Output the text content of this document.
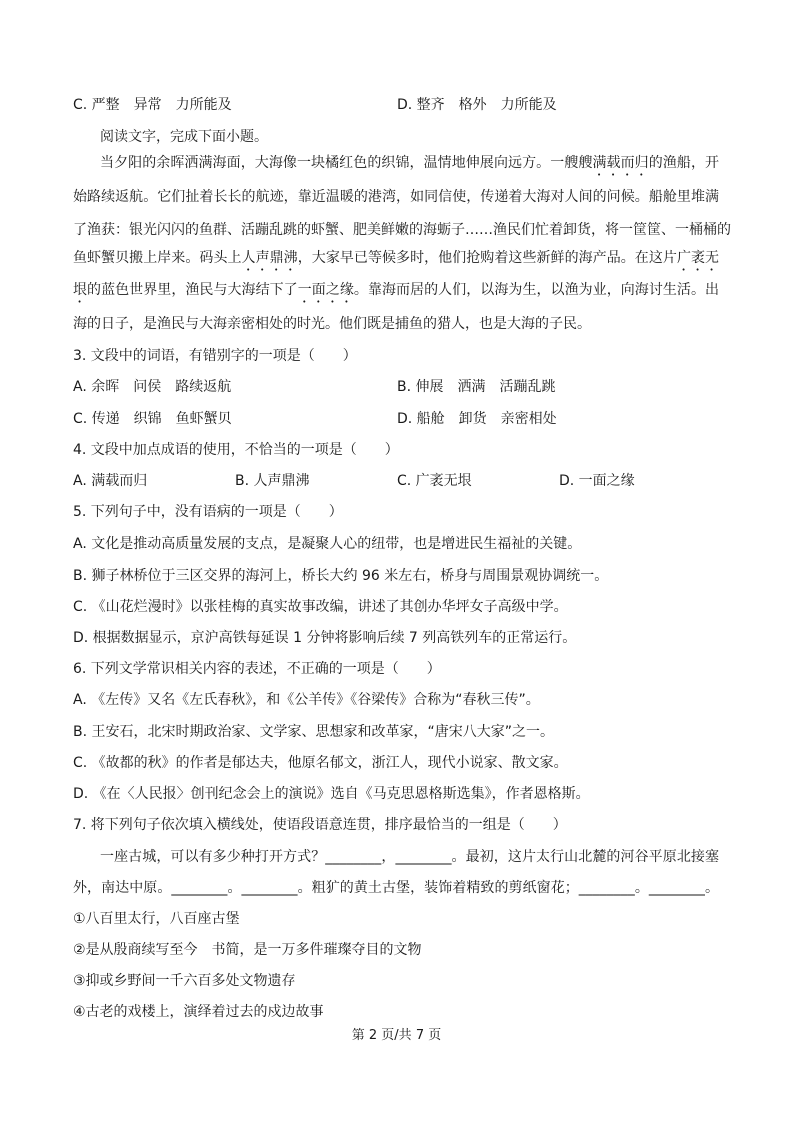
C. 严整　异常　力所能及	D. 整齐　格外　力所能及
阅读文字，完成下面小题。
当夕阳的余晖洒满海面，大海像一块橘红色的织锦，温情地伸展向远方。一艘艘满载而归的渔船，开
始路续返航。它们扯着长长的航迹，靠近温暖的港湾，如同信使，传递着大海对人间的问候。船舱里堆满
了渔获：银光闪闪的鱼群、活蹦乱跳的虾蟹、肥美鲜嫩的海蛎子……渔民们忙着卸货，将一筐筐、一桶桶的
鱼虾蟹贝搬上岸来。码头上人声鼎沸，大家早已等候多时，他们抢购着这些新鲜的海产品。在这片广袤无
垠的蓝色世界里，渔民与大海结下了一面之缘。靠海而居的人们，以海为生，以渔为业，向海讨生活。出
海的日子，是渔民与大海亲密相处的时光。他们既是捕鱼的猎人，也是大海的子民。
3. 文段中的词语，有错别字的一项是（　　）
A. 余晖　问侯　路续返航	B. 伸展　洒满　活蹦乱跳
C. 传递　织锦　鱼虾蟹贝	D. 船舱　卸货　亲密相处
4. 文段中加点成语的使用，不恰当的一项是（　　）
A. 满载而归	B. 人声鼎沸	C. 广袤无垠	D. 一面之缘
5. 下列句子中，没有语病的一项是（　　）
A. 文化是推动高质量发展的支点，是凝聚人心的纽带，也是增进民生福祉的关键。
B. 狮子林桥位于三区交界的海河上，桥长大约 96 米左右，桥身与周围景观协调统一。
C. 《山花烂漫时》以张桂梅的真实故事改编，讲述了其创办华坪女子高级中学。
D. 根据数据显示，京沪高铁每延误 1 分钟将影响后续 7 列高铁列车的正常运行。
6. 下列文学常识相关内容的表述，不正确的一项是（　　）
A. 《左传》又名《左氏春秋》，和《公羊传》《谷梁传》合称为“春秋三传”。
B. 王安石，北宋时期政治家、文学家、思想家和改革家，“唐宋八大家”之一。
C. 《故都的秋》的作者是郁达夫，他原名郁文，浙江人，现代小说家、散文家。
D. 《在〈人民报〉创刊纪念会上的演说》选自《马克思恩格斯选集》，作者恩格斯。
7. 将下列句子依次填入横线处，使语段语意连贯，排序最恰当的一组是（　　）
一座古城，可以有多少种打开方式？________，________。最初，这片太行山北麓的河谷平原北接塞
外，南达中原。________。________。粗犷的黄土古堡，装饰着精致的剪纸窗花；________。________。
①八百里太行，八百座古堡
②是从殷商续写至今　书简，是一万多件璀璨夺目的文物
③抑或乡野间一千六百多处文物遗存
④古老的戏楼上，演绎着过去的戍边故事
第 2 页/共 7 页
